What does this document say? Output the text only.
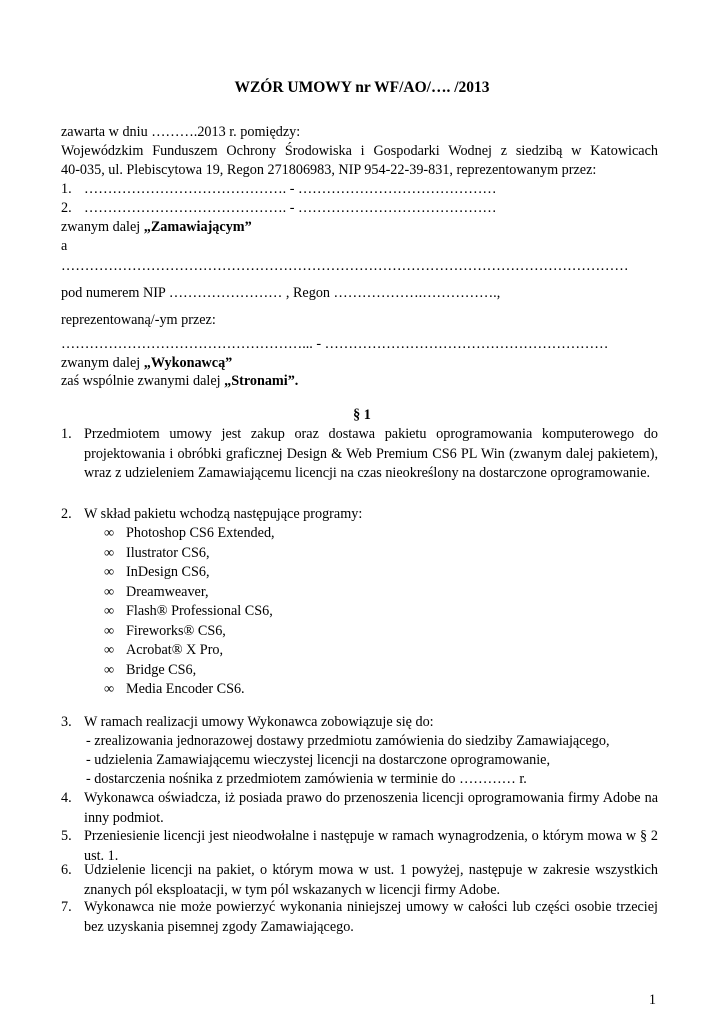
WZÓR UMOWY nr WF/AO/…. /2013
zawarta w dniu ……….2013 r. pomiędzy:
Wojewódzkim Funduszem Ochrony Środowiska i Gospodarki Wodnej z siedzibą w Katowicach
40-035, ul. Plebiscytowa 19, Regon 271806983, NIP 954-22-39-831, reprezentowanym przez:
1. ……………………………………. - ……………………………………
2. ……………………………………. - ……………………………………
zwanym dalej „Zamawiającym”
a
…………………………………………………………………………………………………………
pod numerem NIP …………………… , Regon ……………….…………….,
reprezentowaną/-ym przez:
……………………………………………... - ……………………………………………………
zwanym dalej „Wykonawcą”
zaś wspólnie zwanymi dalej „Stronami”.
§ 1
1. Przedmiotem umowy jest zakup oraz dostawa pakietu oprogramowania komputerowego do projektowania i obróbki graficznej Design & Web Premium CS6 PL Win (zwanym dalej pakietem), wraz z udzieleniem Zamawiającemu licencji na czas nieokreślony na dostarczone oprogramowanie.
2. W skład pakietu wchodzą następujące programy:
∞ Photoshop CS6 Extended,
∞ Ilustrator CS6,
∞ InDesign CS6,
∞ Dreamweaver,
∞ Flash® Professional CS6,
∞ Fireworks® CS6,
∞ Acrobat® X Pro,
∞ Bridge CS6,
∞ Media Encoder CS6.
3. W ramach realizacji umowy Wykonawca zobowiązuje się do:
- zrealizowania jednorazowej dostawy przedmiotu zamówienia do siedziby Zamawiającego,
- udzielenia Zamawiającemu wieczystej licencji na dostarczone oprogramowanie,
- dostarczenia nośnika z przedmiotem zamówienia w terminie do ………… r.
4. Wykonawca oświadcza, iż posiada prawo do przenoszenia licencji oprogramowania firmy Adobe na inny podmiot.
5. Przeniesienie licencji jest nieodwołalne i następuje w ramach wynagrodzenia, o którym mowa w § 2 ust. 1.
6. Udzielenie licencji na pakiet, o którym mowa w ust. 1 powyżej, następuje w zakresie wszystkich znanych pól eksploatacji, w tym pól wskazanych w licencji firmy Adobe.
7. Wykonawca nie może powierzyć wykonania niniejszej umowy w całości lub części osobie trzeciej bez uzyskania pisemnej zgody Zamawiającego.
1
